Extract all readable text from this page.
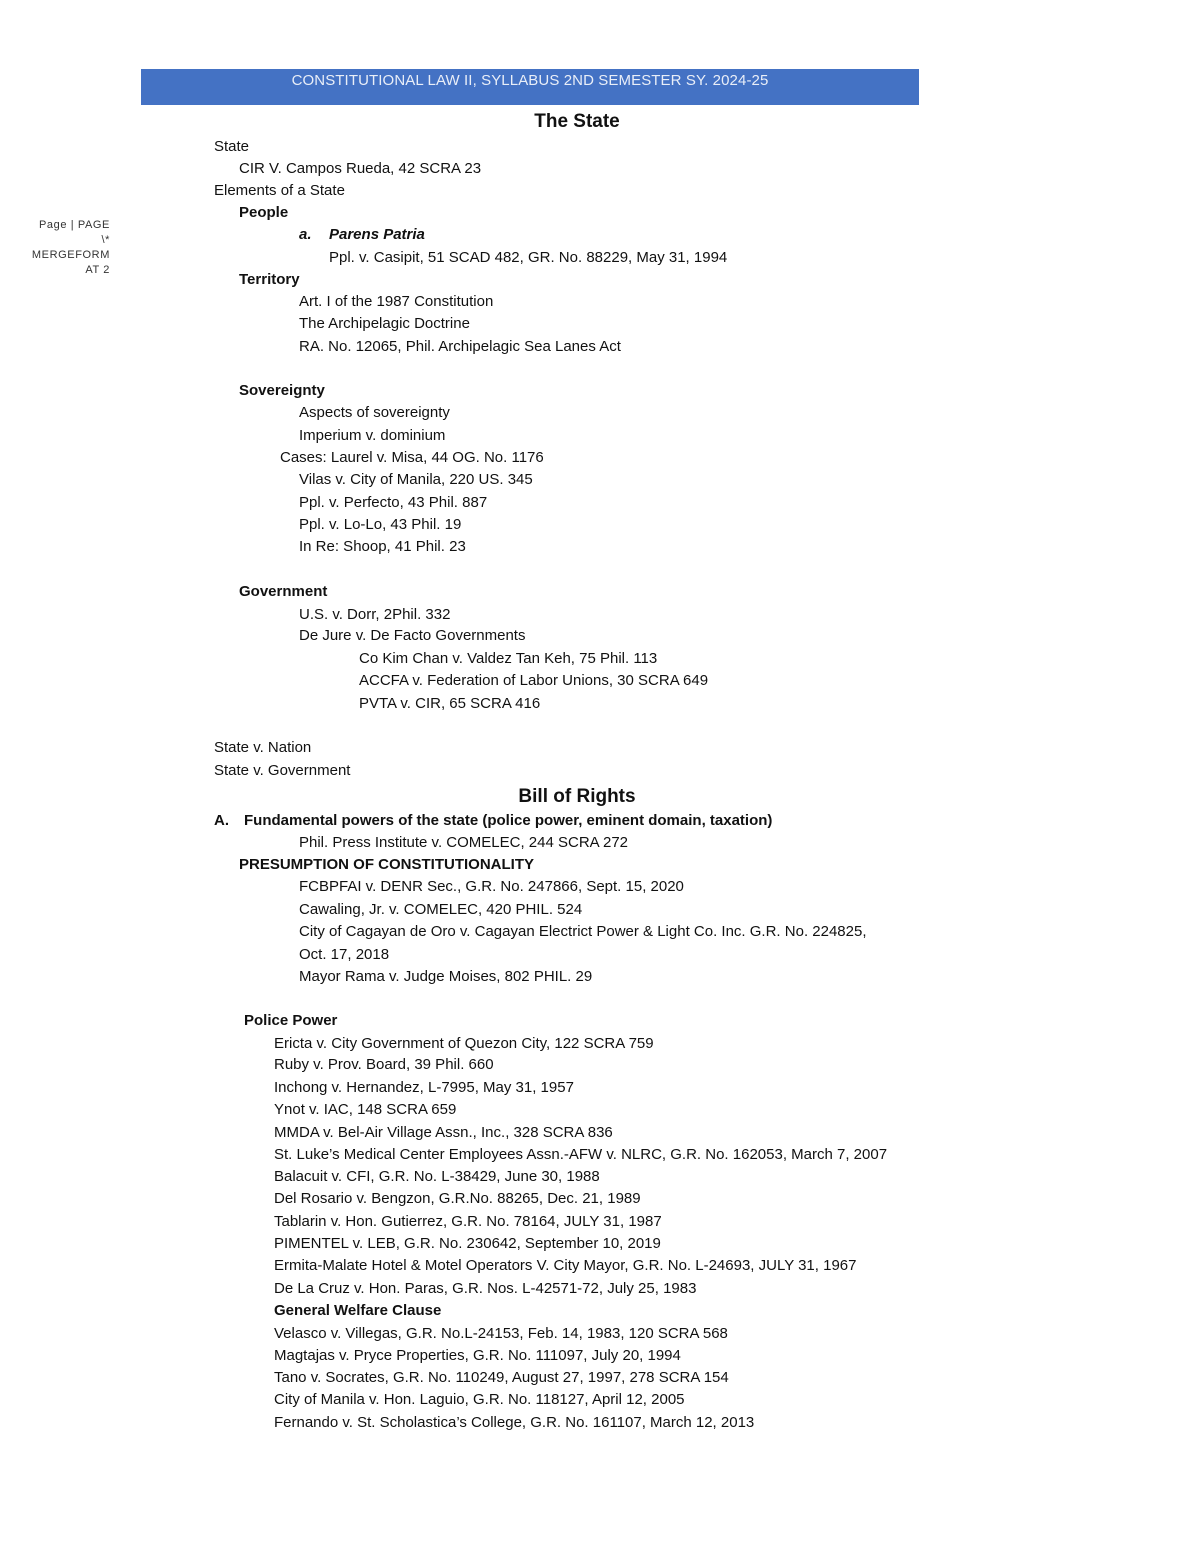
CONSTITUTIONAL LAW II, SYLLABUS 2ND SEMESTER SY. 2024-25
Page | PAGE
\*
MERGEFORM
AT 2
The State
State
CIR V. Campos Rueda, 42 SCRA 23
Elements of a State
People
a. Parens Patria
Ppl. v. Casipit, 51 SCAD 482, GR. No. 88229, May 31, 1994
Territory
Art. I of the 1987 Constitution
The Archipelagic Doctrine
RA. No. 12065, Phil. Archipelagic Sea Lanes Act
Sovereignty
Aspects of sovereignty
Imperium v. dominium
Cases: Laurel v. Misa, 44 OG. No. 1176
Vilas v. City of Manila, 220 US. 345
Ppl. v. Perfecto, 43 Phil. 887
Ppl. v. Lo-Lo, 43 Phil. 19
In Re: Shoop, 41 Phil. 23
Government
U.S. v. Dorr, 2Phil. 332
De Jure v. De Facto Governments
Co Kim Chan v. Valdez Tan Keh, 75 Phil. 113
ACCFA v. Federation of Labor Unions, 30 SCRA 649
PVTA v. CIR, 65 SCRA 416
State v. Nation
State v. Government
Bill of Rights
A. Fundamental powers of the state (police power, eminent domain, taxation)
Phil. Press Institute v. COMELEC, 244 SCRA 272
PRESUMPTION OF CONSTITUTIONALITY
FCBPFAI v. DENR Sec., G.R. No. 247866, Sept. 15, 2020
Cawaling, Jr. v. COMELEC, 420 PHIL. 524
City of Cagayan de Oro v. Cagayan Electrict Power & Light Co. Inc. G.R. No. 224825,
Oct. 17, 2018
Mayor Rama v. Judge Moises, 802 PHIL. 29
Police Power
Ericta v. City Government of Quezon City, 122 SCRA 759
Ruby v. Prov. Board, 39 Phil. 660
Inchong v. Hernandez, L-7995, May 31, 1957
Ynot v. IAC, 148 SCRA 659
MMDA v. Bel-Air Village Assn., Inc., 328 SCRA 836
St. Luke’s Medical Center Employees Assn.-AFW v. NLRC, G.R. No. 162053, March 7, 2007
Balacuit v. CFI, G.R. No. L-38429, June 30, 1988
Del Rosario v. Bengzon, G.R.No. 88265, Dec. 21, 1989
Tablarin v. Hon. Gutierrez, G.R. No. 78164, JULY 31, 1987
PIMENTEL v. LEB, G.R. No. 230642, September 10, 2019
Ermita-Malate Hotel & Motel Operators V. City Mayor, G.R. No. L-24693, JULY 31, 1967
De La Cruz v. Hon. Paras, G.R. Nos. L-42571-72, July 25, 1983
General Welfare Clause
Velasco v. Villegas, G.R. No.L-24153, Feb. 14, 1983, 120 SCRA 568
Magtajas v. Pryce Properties, G.R. No. 111097, July 20, 1994
Tano v. Socrates, G.R. No. 110249, August 27, 1997, 278 SCRA 154
City of Manila v. Hon. Laguio, G.R. No. 118127, April 12, 2005
Fernando v. St. Scholastica’s College, G.R. No. 161107, March 12, 2013
